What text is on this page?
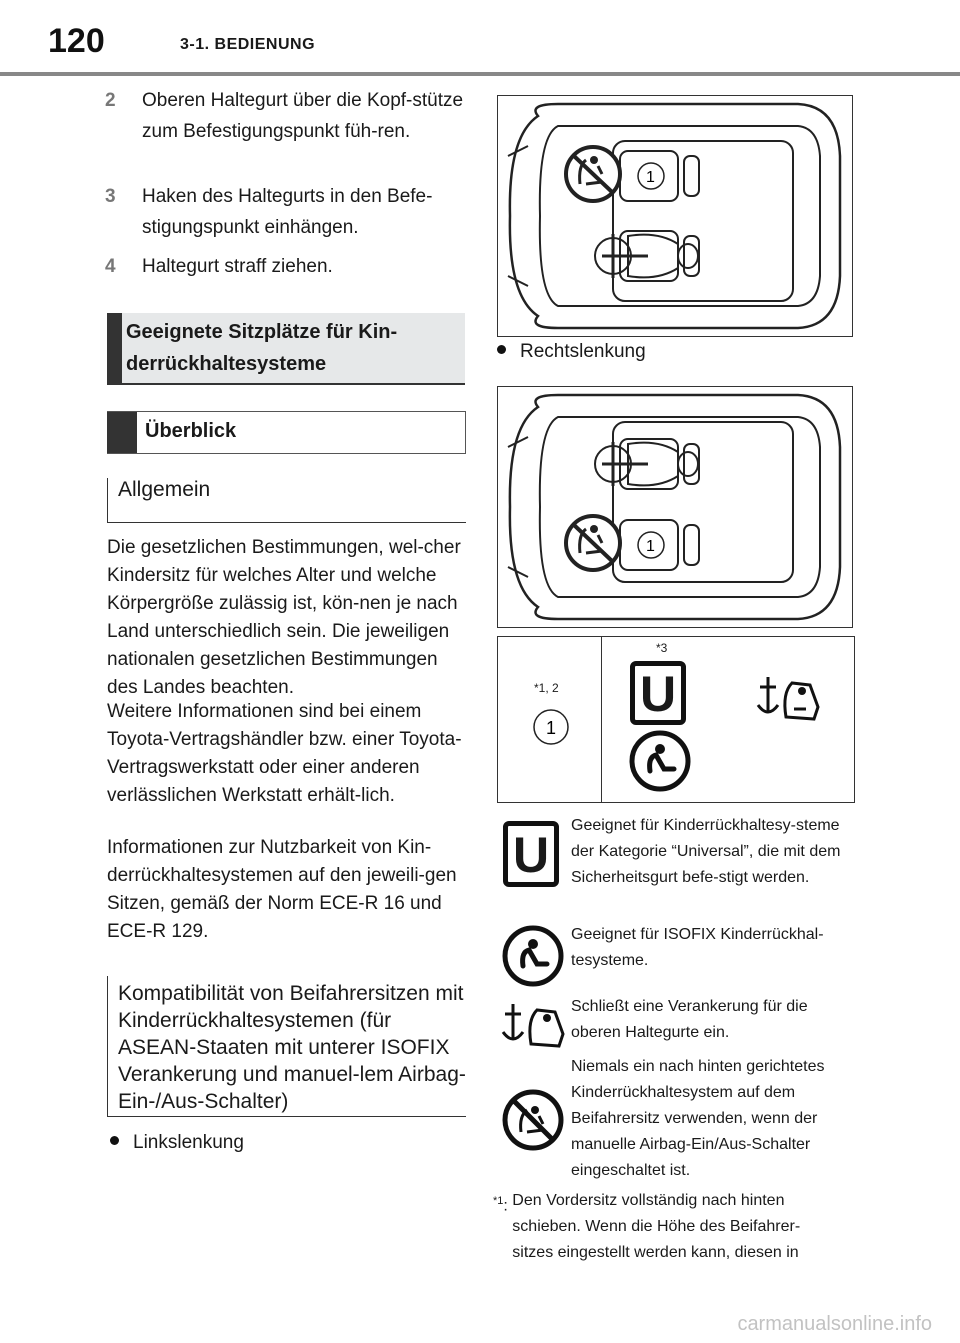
120	3-1. BEDIENUNG
2	Oberen Haltegurt über die Kopf-stütze zum Befestigungspunkt füh-ren.
3	Haken des Haltegurts in den Befe-stigungspunkt einhängen.
4	Haltegurt straff ziehen.
Geeignete Sitzplätze für Kin-derrückhaltesysteme
Überblick
Allgemein
Die gesetzlichen Bestimmungen, wel-cher Kindersitz für welches Alter und welche Körpergröße zulässig ist, kön-nen je nach Land unterschiedlich sein. Die jeweiligen nationalen gesetzlichen Bestimmungen des Landes beachten.
Weitere Informationen sind bei einem Toyota-Vertragshändler bzw. einer Toyota-Vertragswerkstatt oder einer anderen verlässlichen Werkstatt erhält-lich.
Informationen zur Nutzbarkeit von Kin-derrückhaltesystemen auf den jeweili-gen Sitzen, gemäß der Norm ECE-R 16 und ECE-R 129.
Kompatibilität von Beifahrersitzen mit Kinderrückhaltesystemen (für ASEAN-Staaten mit unterer ISOFIX Verankerung und manuel-lem Airbag-Ein-/Aus-Schalter)
Linkslenkung
Rechtslenkung
1
1
*1, 2
1
*3
U
U
Geeignet für Kinderrückhaltesy-steme der Kategorie “Universal”, die mit dem Sicherheitsgurt befe-stigt werden.
Geeignet für ISOFIX Kinderrückhal-tesysteme.
Schließt eine Verankerung für die oberen Haltegurte ein.
Niemals ein nach hinten gerichtetes Kinderrückhaltesystem auf dem Beifahrersitz verwenden, wenn der manuelle Airbag-Ein/Aus-Schalter eingeschaltet ist.
$^{*1}$: Den Vordersitz vollständig nach hinten schieben. Wenn die Höhe des Beifahrer-sitzes eingestellt werden kann, diesen in
carmanualsonline.info
